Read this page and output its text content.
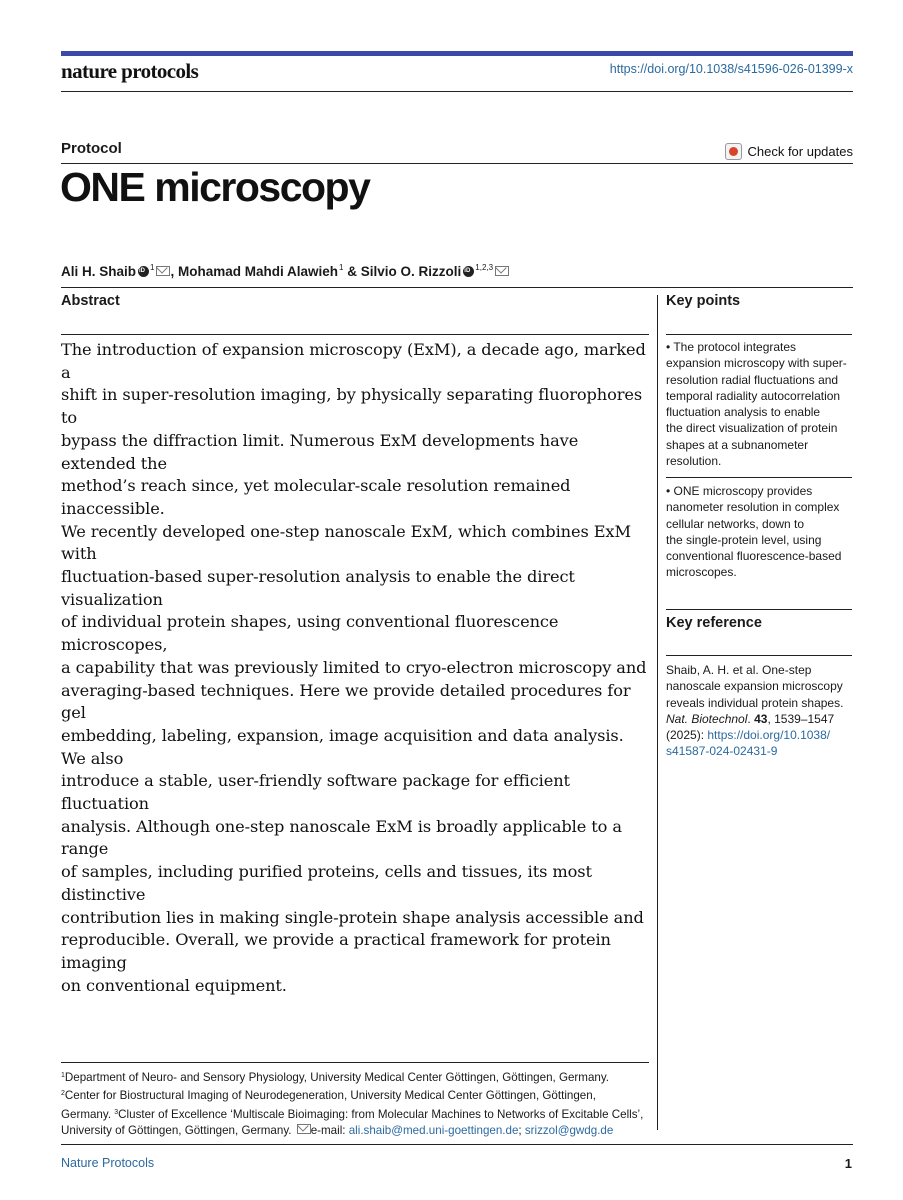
nature protocols	https://doi.org/10.1038/s41596-026-01399-x
Protocol	Check for updates
ONE microscopy
Ali H. Shaib iD $^1$ , Mohamad Mahdi Alawieh$^1$ & Silvio O. Rizzoli iD $^{1,2,3}$
Abstract
The introduction of expansion microscopy (ExM), a decade ago, marked a
shift in super-resolution imaging, by physically separating fluorophores to
bypass the diffraction limit. Numerous ExM developments have extended the
method’s reach since, yet molecular-scale resolution remained inaccessible.
We recently developed one-step nanoscale ExM, which combines ExM with
fluctuation-based super-resolution analysis to enable the direct visualization
of individual protein shapes, using conventional fluorescence microscopes,
a capability that was previously limited to cryo-electron microscopy and
averaging-based techniques. Here we provide detailed procedures for gel
embedding, labeling, expansion, image acquisition and data analysis. We also
introduce a stable, user-friendly software package for efficient fluctuation
analysis. Although one-step nanoscale ExM is broadly applicable to a range
of samples, including purified proteins, cells and tissues, its most distinctive
contribution lies in making single-protein shape analysis accessible and
reproducible. Overall, we provide a practical framework for protein imaging
on conventional equipment.
Key points
• The protocol integrates
expansion microscopy with super-
resolution radial fluctuations and
temporal radiality autocorrelation
fluctuation analysis to enable
the direct visualization of protein
shapes at a subnanometer
resolution.
• ONE microscopy provides
nanometer resolution in complex
cellular networks, down to
the single-protein level, using
conventional fluorescence-based
microscopes.
Key reference
Shaib, A. H. et al. One-step
nanoscale expansion microscopy
reveals individual protein shapes.
Nat. Biotechnol. 43, 1539–1547
(2025): https://doi.org/10.1038/
s41587-024-02431-9
$^1$Department of Neuro- and Sensory Physiology, University Medical Center Göttingen, Göttingen, Germany.
$^2$Center for Biostructural Imaging of Neurodegeneration, University Medical Center Göttingen, Göttingen,
Germany. $^3$Cluster of Excellence ‘Multiscale Bioimaging: from Molecular Machines to Networks of Excitable Cells’,
University of Göttingen, Göttingen, Germany. e-mail: ali.shaib@med.uni-goettingen.de; srizzol@gwdg.de
Nature Protocols	1
